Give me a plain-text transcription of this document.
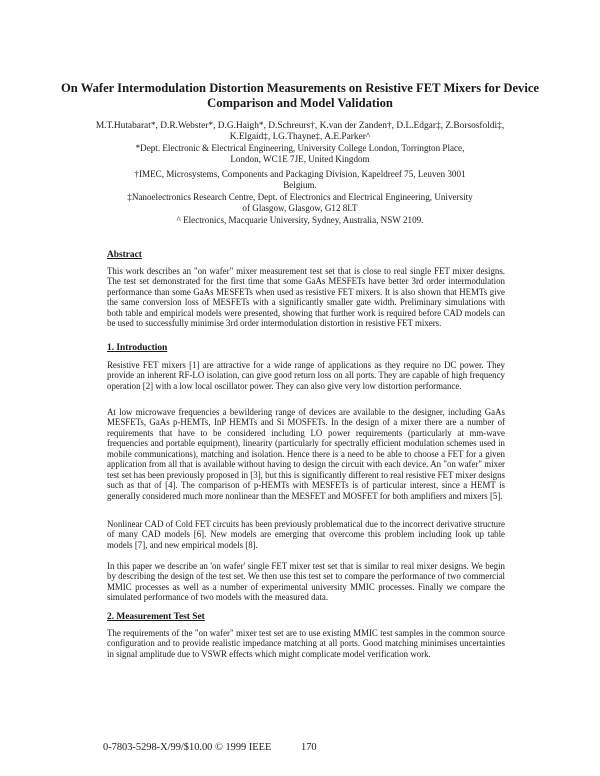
On Wafer Intermodulation Distortion Measurements on Resistive FET Mixers for Device Comparison and Model Validation
M.T.Hutabarat*, D.R.Webster*, D.G.Haigh*, D.Schreurs†, K.van der Zanden†, D.L.Edgar‡, Z.Borsosfoldi‡, K.Elgaid‡, I.G.Thayne‡, A.E.Parker^
*Dept. Electronic & Electrical Engineering, University College London, Torrington Place, London, WC1E 7JE, United Kingdom
†IMEC, Microsystems, Components and Packaging Division, Kapeldreef 75, Leuven 3001 Belgium.
‡Nanoelectronics Research Centre, Dept. of Electronics and Electrical Engineering, University of Glasgow, Glasgow, G12 8LT
^ Electronics, Macquarie University, Sydney, Australia, NSW 2109.
Abstract
This work describes an "on wafer" mixer measurement test set that is close to real single FET mixer designs. The test set demonstrated for the first time that some GaAs MESFETs have better 3rd order intermodulation performance than some GaAs MESFETs when used as resistive FET mixers. It is also shown that HEMTs give the same conversion loss of MESFETs with a significantly smaller gate width. Preliminary simulations with both table and empirical models were presented, showing that further work is required before CAD models can be used to successfully minimise 3rd order intermodulation distortion in resistive FET mixers.
1. Introduction
Resistive FET mixers [1] are attractive for a wide range of applications as they require no DC power. They provide an inherent RF-LO isolation, can give good return loss on all ports. They are capable of high frequency operation [2] with a low local oscillator power. They can also give very low distortion performance.
At low microwave frequencies a bewildering range of devices are available to the designer, including GaAs MESFETs, GaAs p-HEMTs, InP HEMTs and Si MOSFETs. In the design of a mixer there are a number of requirements that have to be considered including LO power requirements (particularly at mm-wave frequencies and portable equipment), linearity (particularly for spectrally efficient modulation schemes used in mobile communications), matching and isolation. Hence there is a need to be able to choose a FET for a given application from all that is available without having to design the circuit with each device. An "on wafer" mixer test set has been previously proposed in [3], but this is significantly different to real resistive FET mixer designs such as that of [4]. The comparison of p-HEMTs with MESFETs is of particular interest, since a HEMT is generally considered much more nonlinear than the MESFET and MOSFET for both amplifiers and mixers [5].
Nonlinear CAD of Cold FET circuits has been previously problematical due to the incorrect derivative structure of many CAD models [6]. New models are emerging that overcome this problem including look up table models [7], and new empirical models [8].
In this paper we describe an 'on wafer' single FET mixer test set that is similar to real mixer designs. We begin by describing the design of the test set. We then use this test set to compare the performance of two commercial MMIC processes as well as a number of experimental university MMIC processes. Finally we compare the simulated performance of two models with the measured data.
2. Measurement Test Set
The requirements of the "on wafer" mixer test set are to use existing MMIC test samples in the common source configuration and to provide realistic impedance matching at all ports. Good matching minimises uncertainties in signal amplitude due to VSWR effects which might complicate model verification work.
0-7803-5298-X/99/$10.00 © 1999 IEEE	170
